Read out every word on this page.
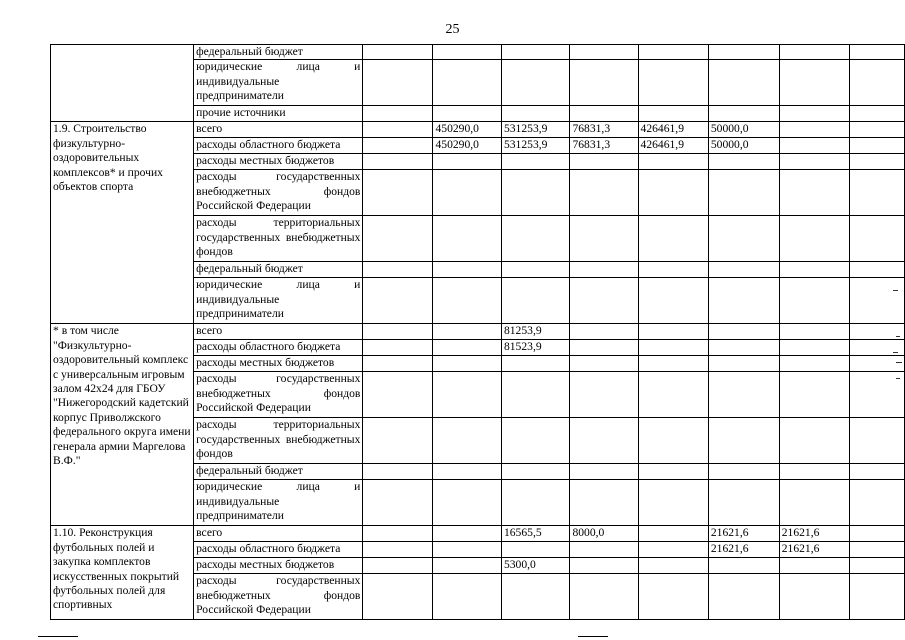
25
	федеральный бюджет								
	юридические лица и индивидуальные предприниматели								
	прочие источники								
1.9. Строительство физкультурно-оздоровительных комплексов* и прочих объектов спорта	всего		450290,0	531253,9	76831,3	426461,9	50000,0		
	расходы областного бюджета		450290,0	531253,9	76831,3	426461,9	50000,0		
	расходы местных бюджетов								
	расходы государственных внебюджетных фондов Российской Федерации								
	расходы территориальных государственных внебюджетных фондов								
	федеральный бюджет								
	юридические лица и индивидуальные предприниматели								
* в том числе "Физкультурно-оздоровительный комплекс с универсальным игровым залом 42x24 для ГБОУ "Нижегородский кадетский корпус Приволжского федерального округа имени генерала армии Маргелова В.Ф."	всего			81253,9					
	расходы областного бюджета			81523,9					
	расходы местных бюджетов								
	расходы государственных внебюджетных фондов Российской Федерации								
	расходы территориальных государственных внебюджетных фондов								
	федеральный бюджет								
	юридические лица и индивидуальные предприниматели								
1.10. Реконструкция футбольных полей и закупка комплектов искусственных покрытий футбольных полей для спортивных	всего			16565,5	8000,0		21621,6	21621,6	
	расходы областного бюджета						21621,6	21621,6	
	расходы местных бюджетов			5300,0					
	расходы государственных внебюджетных фондов Российской Федерации								
